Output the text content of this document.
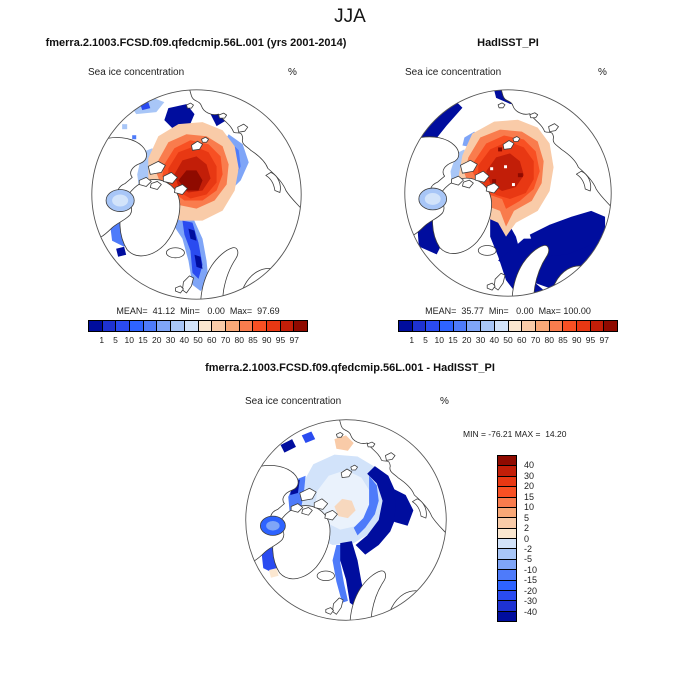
JJA
fmerra.2.1003.FCSD.f09.qfedcmip.56L.001 (yrs 2001-2014)
Sea ice concentration	%
MEAN=  41.12  Min=   0.00  Max=  97.69
1 5 10 15 20 30 40 50 60 70 80 85 90 95 97
HadISST_PI
Sea ice concentration	%
MEAN=  35.77  Min=   0.00  Max= 100.00
1 5 10 15 20 30 40 50 60 70 80 85 90 95 97
fmerra.2.1003.FCSD.f09.qfedcmip.56L.001 - HadISST_PI
Sea ice concentration	%
MIN = -76.21 MAX =  14.20
40
30
20
15
10
5
2
0
-2
-5
-10
-15
-20
-30
-40
